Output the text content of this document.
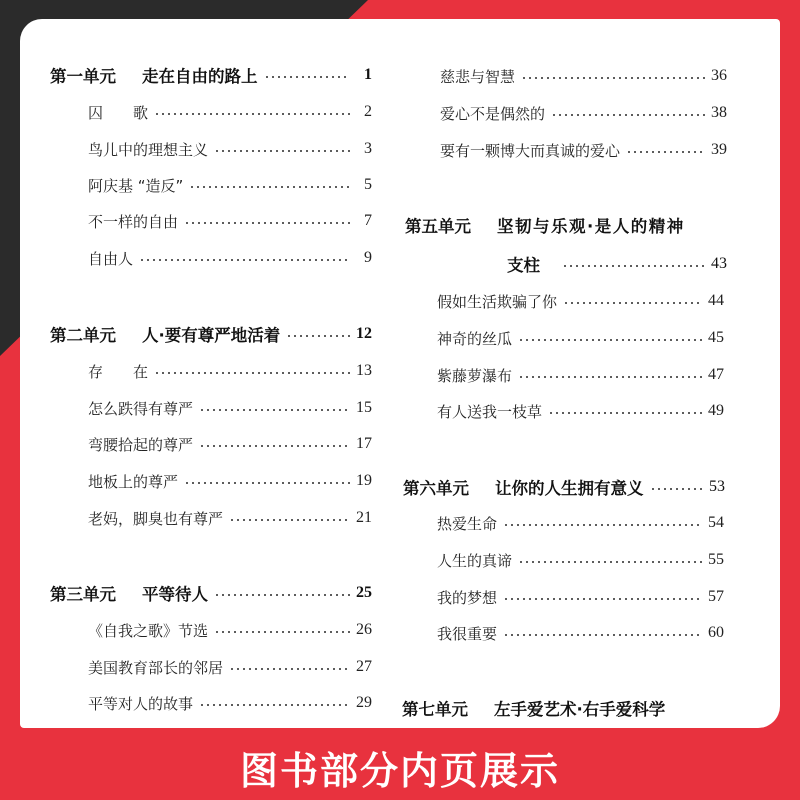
第一单元 走在自由的路上	1
囚　　歌	2
鸟儿中的理想主义	3
阿庆基 “造反”	5
不一样的自由	7
自由人	9
第二单元 人·要有尊严地活着	12
存　　在	13
怎么跌得有尊严	15
弯腰拾起的尊严	17
地板上的尊严	19
老妈，脚臭也有尊严	21
第三单元 平等待人	25
《自我之歌》节选	26
美国教育部长的邻居	27
平等对人的故事	29
慈悲与智慧	36
爱心不是偶然的	38
要有一颗博大而真诚的爱心	39
第五单元 坚韧与乐观·是人的精神
支柱	43
假如生活欺骗了你	44
神奇的丝瓜	45
紫藤萝瀑布	47
有人送我一枝草	49
第六单元 让你的人生拥有意义	53
热爱生命	54
人生的真谛	55
我的梦想	57
我很重要	60
第七单元 左手爱艺术·右手爱科学
图书部分内页展示
